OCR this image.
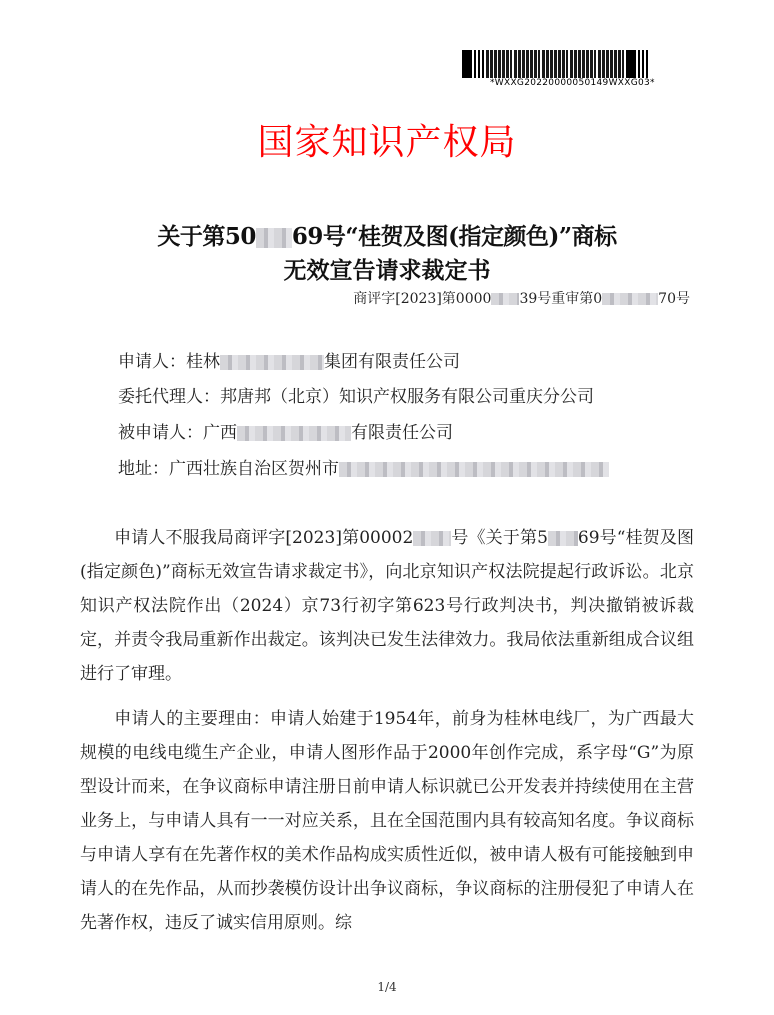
*WXXG20220000050149WXXG03*
国家知识产权局
关于第50 69号“桂贺及图(指定颜色)”商标
无效宣告请求裁定书
商评字[2023]第0000 39号重审第0	70号
申请人：桂林	集团有限责任公司
委托代理人：邦唐邦（北京）知识产权服务有限公司重庆分公司
被申请人：广西	有限责任公司
地址：广西壮族自治区贺州市
申请人不服我局商评字[2023]第00002 号《关于第5 69号“桂贺及图(指定颜色)”商标无效宣告请求裁定书》，向北京知识产权法院提起行政诉讼。北京知识产权法院作出（2024）京73行初字第623号行政判决书，判决撤销被诉裁定，并责令我局重新作出裁定。该判决已发生法律效力。我局依法重新组成合议组进行了审理。
申请人的主要理由：申请人始建于1954年，前身为桂林电线厂，为广西最大规模的电线电缆生产企业，申请人图形作品于2000年创作完成，系字母“G”为原型设计而来，在争议商标申请注册日前申请人标识就已公开发表并持续使用在主营业务上，与申请人具有一一对应关系，且在全国范围内具有较高知名度。争议商标与申请人享有在先著作权的美术作品构成实质性近似，被申请人极有可能接触到申请人的在先作品，从而抄袭模仿设计出争议商标，争议商标的注册侵犯了申请人在先著作权，违反了诚实信用原则。综
1/4
